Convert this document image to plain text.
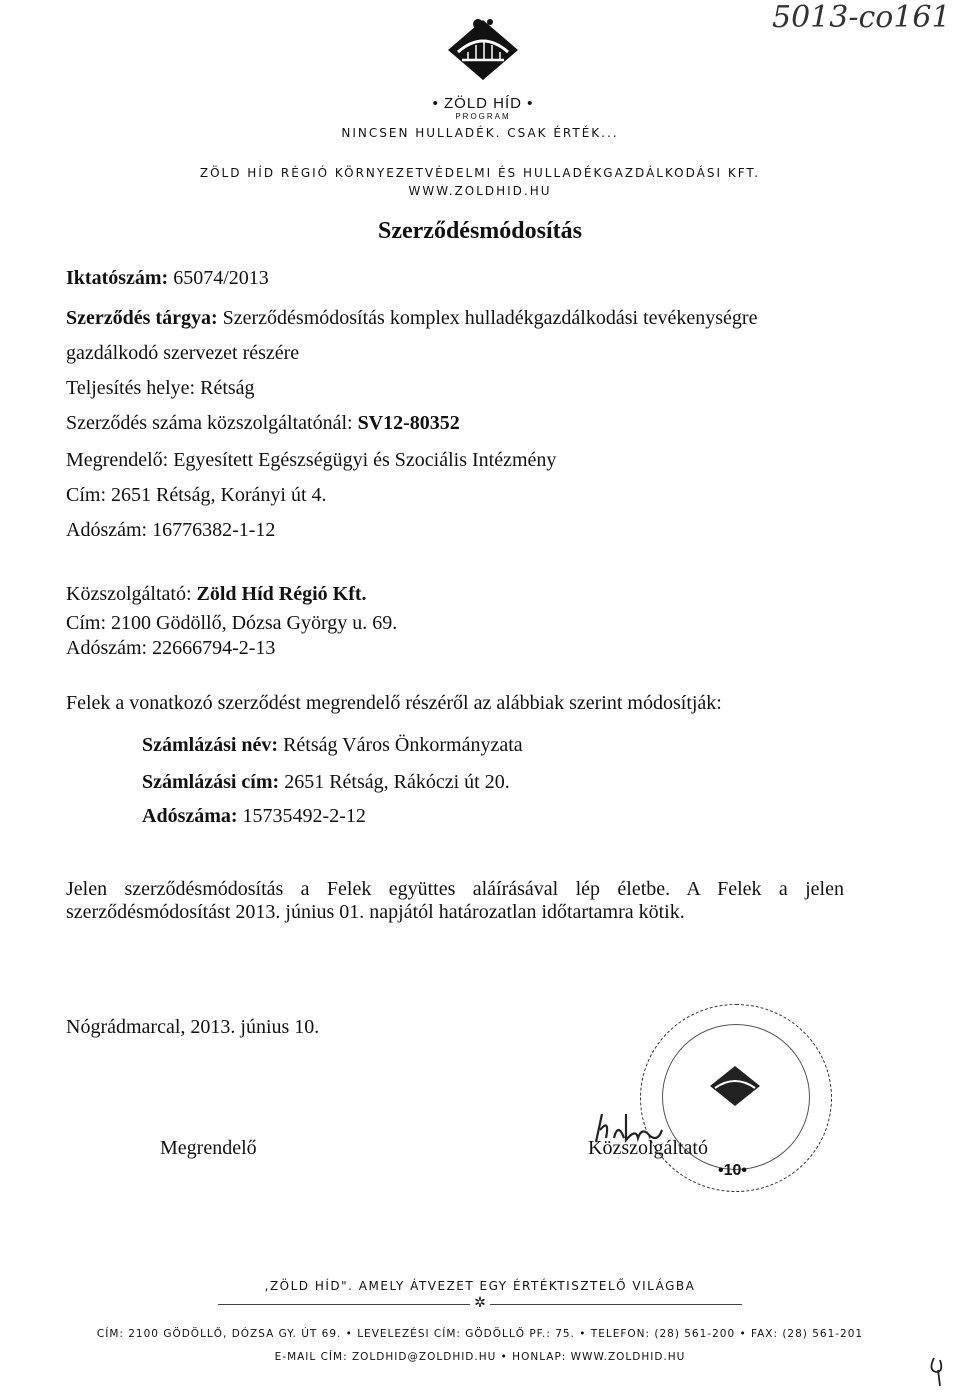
5013-co161
• ZÖLD HÍD •
PROGRAM
NINCSEN HULLADÉK. CSAK ÉRTÉK...
ZÖLD HÍD RÉGIÓ KÖRNYEZETVÉDELMI ÉS HULLADÉKGAZDÁLKODÁSI KFT.
WWW.ZOLDHID.HU
Szerződésmódosítás
Iktatószám: 65074/2013
Szerződés tárgya: Szerződésmódosítás komplex hulladékgazdálkodási tevékenységre
gazdálkodó szervezet részére
Teljesítés helye: Rétság
Szerződés száma közszolgáltatónál: SV12-80352
Megrendelő: Egyesített Egészségügyi és Szociális Intézmény
Cím: 2651 Rétság, Korányi út 4.
Adószám: 16776382-1-12
Közszolgáltató: Zöld Híd Régió Kft.
Cím: 2100 Gödöllő, Dózsa György u. 69.
Adószám: 22666794-2-13
Felek a vonatkozó szerződést megrendelő részéről az alábbiak szerint módosítják:
Számlázási név: Rétság Város Önkormányzata
Számlázási cím: 2651 Rétság, Rákóczi út 20.
Adószáma: 15735492-2-12
Jelen szerződésmódosítás a Felek együttes aláírásával lép életbe. A Felek a jelen
szerződésmódosítást 2013. június 01. napjától határozatlan időtartamra kötik.
Nógrádmarcal, 2013. június 10.
•10•
Megrendelő	Közszolgáltató
,ZÖLD HÍD". AMELY ÁTVEZET EGY ÉRTÉKTISZTELŐ VILÁGBA
✲
CÍM: 2100 GÖDÖLLŐ, DÓZSA GY. ÚT 69. • LEVELEZÉSI CÍM: GÖDÖLLŐ PF.: 75. • TELEFON: (28) 561-200 • FAX: (28) 561-201
E-MAIL CÍM: ZOLDHID@ZOLDHID.HU • HONLAP: WWW.ZOLDHID.HU
